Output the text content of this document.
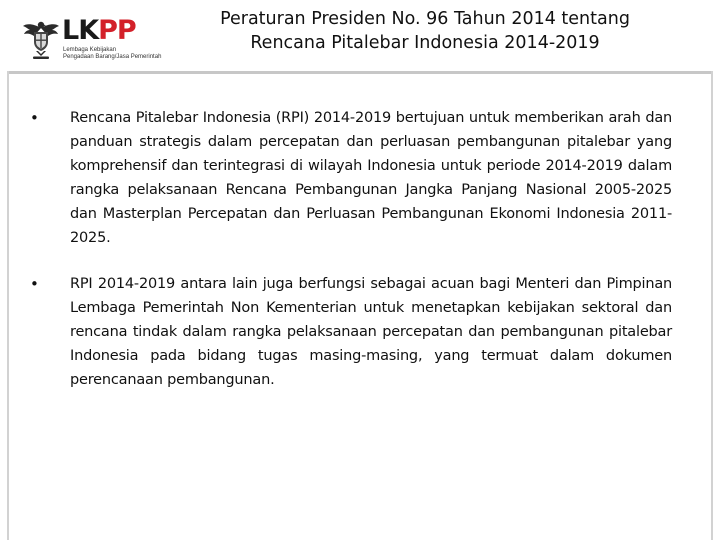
LKPP
Lembaga Kebijakan
Pengadaan Barang/Jasa Pemerintah
Peraturan Presiden No. 96 Tahun 2014 tentang
Rencana Pitalebar Indonesia 2014-2019
• Rencana Pitalebar Indonesia (RPI) 2014-2019 bertujuan untuk memberikan arah dan panduan strategis dalam percepatan dan perluasan pembangunan pitalebar yang komprehensif dan terintegrasi di wilayah Indonesia untuk periode 2014-2019 dalam rangka pelaksanaan Rencana Pembangunan Jangka Panjang Nasional 2005-2025 dan Masterplan Percepatan dan Perluasan Pembangunan Ekonomi Indonesia 2011-2025.
• RPI 2014-2019 antara lain juga berfungsi sebagai acuan bagi Menteri dan Pimpinan Lembaga Pemerintah Non Kementerian untuk menetapkan kebijakan sektoral dan rencana tindak dalam rangka pelaksanaan percepatan dan pembangunan pitalebar Indonesia pada bidang tugas masing-masing, yang termuat dalam dokumen perencanaan pembangunan.
